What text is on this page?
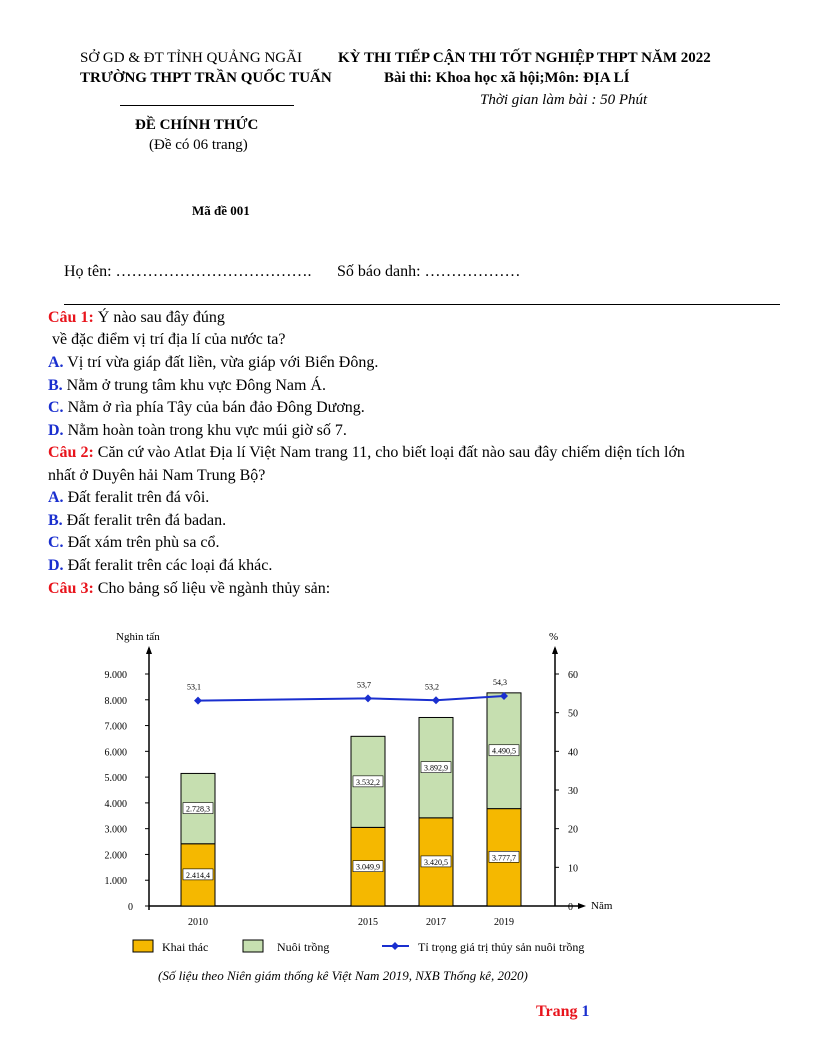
SỞ GD & ĐT TỈNH QUẢNG NGÃI
TRƯỜNG THPT TRẦN QUỐC TUẤN
KỲ THI TIẾP CẬN THI TỐT NGHIỆP THPT NĂM 2022
Bài thi: Khoa học xã hội;Môn: ĐỊA LÍ
Thời gian làm bài : 50 Phút
ĐỀ CHÍNH THỨC
(Đề có 06 trang)
Mã đề 001
Họ tên: ………………………………. Số báo danh: ………………
Câu 1: Ý nào sau đây đúng
về đặc điểm vị trí địa lí của nước ta?
A. Vị trí vừa giáp đất liền, vừa giáp với Biển Đông.
B. Nằm ở trung tâm khu vực Đông Nam Á.
C. Nằm ở rìa phía Tây của bán đảo Đông Dương.
D. Nằm hoàn toàn trong khu vực múi giờ số 7.
Câu 2: Căn cứ vào Atlat Địa lí Việt Nam trang 11, cho biết loại đất nào sau đây chiếm diện tích lớn
nhất ở Duyên hải Nam Trung Bộ?
A. Đất feralit trên đá vôi.
B. Đất feralit trên đá badan.
C. Đất xám trên phù sa cổ.
D. Đất feralit trên các loại đá khác.
Câu 3: Cho bảng số liệu về ngành thủy sản:
Nghìn tấn	%
Năm
0
1.000
2.000
3.000
4.000
5.000
6.000
7.000
8.000
9.000
0
10
20
30
40
50
60
2.414,4
2.728,3
2010
3.049,9
3.532,2
2015
3.420,5
3.892,9
2017
3.777,7
4.490,5
2019
53,1	53,7	53,2	54,3
Khai thác	Nuôi trồng	Tỉ trọng giá trị thủy sản nuôi trồng
(Số liệu theo Niên giám thống kê Việt Nam 2019, NXB Thống kê, 2020)
Trang 1
